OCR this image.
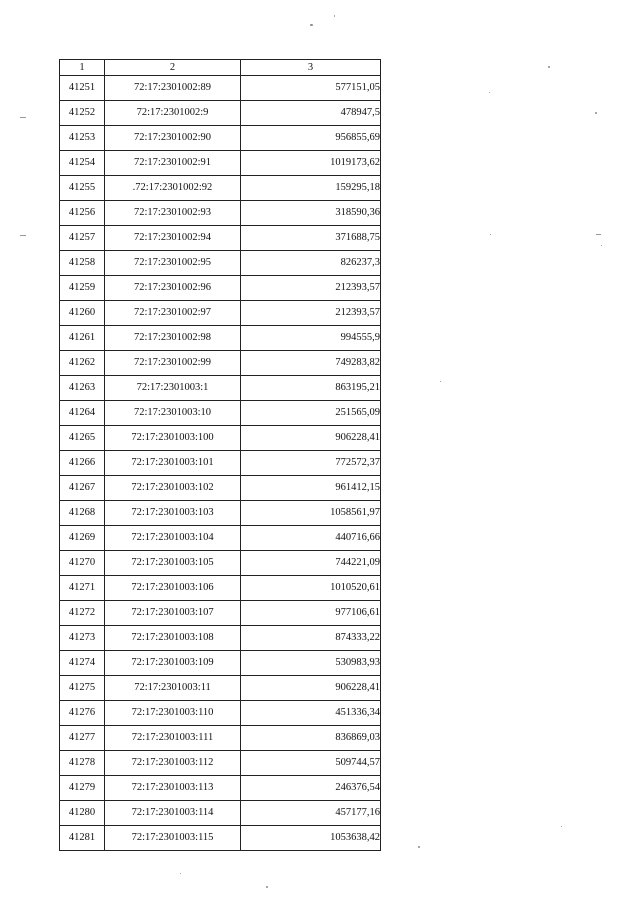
1	2	3
41251	72:17:2301002:89	577151,05
41252	72:17:2301002:9	478947,5
41253	72:17:2301002:90	956855,69
41254	72:17:2301002:91	1019173,62
41255	.72:17:2301002:92	159295,18
41256	72:17:2301002:93	318590,36
41257	72:17:2301002:94	371688,75
41258	72:17:2301002:95	826237,3
41259	72:17:2301002:96	212393,57
41260	72:17:2301002:97	212393,57
41261	72:17:2301002:98	994555,9
41262	72:17:2301002:99	749283,82
41263	72:17:2301003:1	863195,21
41264	72:17:2301003:10	251565,09
41265	72:17:2301003:100	906228,41
41266	72:17:2301003:101	772572,37
41267	72:17:2301003:102	961412,15
41268	72:17:2301003:103	1058561,97
41269	72:17:2301003:104	440716,66
41270	72:17:2301003:105	744221,09
41271	72:17:2301003:106	1010520,61
41272	72:17:2301003:107	977106,61
41273	72:17:2301003:108	874333,22
41274	72:17:2301003:109	530983,93
41275	72:17:2301003:11	906228,41
41276	72:17:2301003:110	451336,34
41277	72:17:2301003:111	836869,03
41278	72:17:2301003:112	509744,57
41279	72:17:2301003:113	246376,54
41280	72:17:2301003:114	457177,16
41281	72:17:2301003:115	1053638,42
